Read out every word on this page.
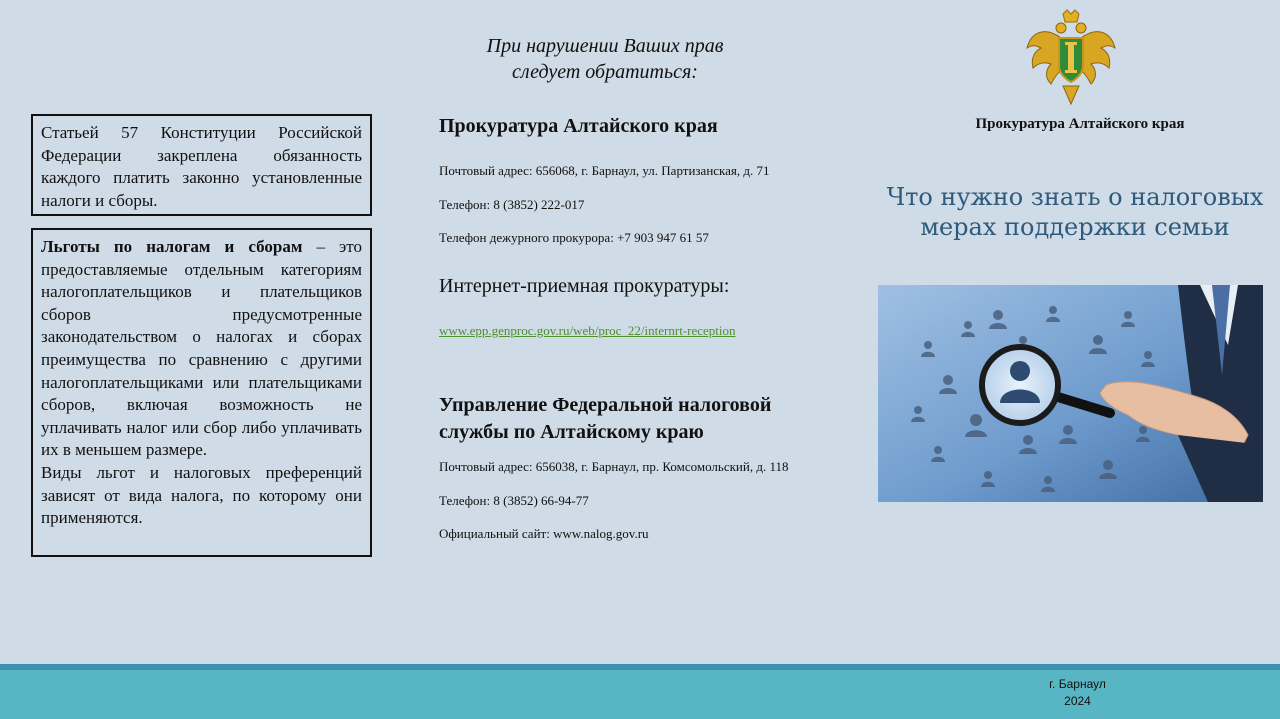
Статьей 57 Конституции Российской Федерации закреплена обязанность каждого платить законно установленные налоги и сборы.

Льготы по налогам и сборам – это предоставляемые отдельным категориям налогоплательщиков и плательщиков сборов предусмотренные законодательством о налогах и сборах преимущества по сравнению с другими налогоплательщиками или плательщиками сборов, включая возможность не уплачивать налог или сбор либо уплачивать их в меньшем размере.

Виды льгот и налоговых преференций зависят от вида налога, по которому они применяются.

При нарушении Ваших прав
следует обратиться:
Прокуратура Алтайского края
Почтовый адрес: 656068, г. Барнаул, ул. Партизанская, д. 71
Телефон: 8 (3852) 222-017
Телефон дежурного прокурора: +7 903 947 61 57
Интернет-приемная прокуратуры:
www.epp.genproc.gov.ru/web/proc_22/internrt-reception
Управление Федеральной налоговой
службы по Алтайскому краю
Почтовый адрес: 656038, г. Барнаул, пр. Комсомольский, д. 118
Телефон: 8 (3852) 66-94-77
Официальный сайт: www.nalog.gov.ru
Прокуратура Алтайского края
Что нужно знать о налоговых
мерах поддержки семьи
г. Барнаул
2024
